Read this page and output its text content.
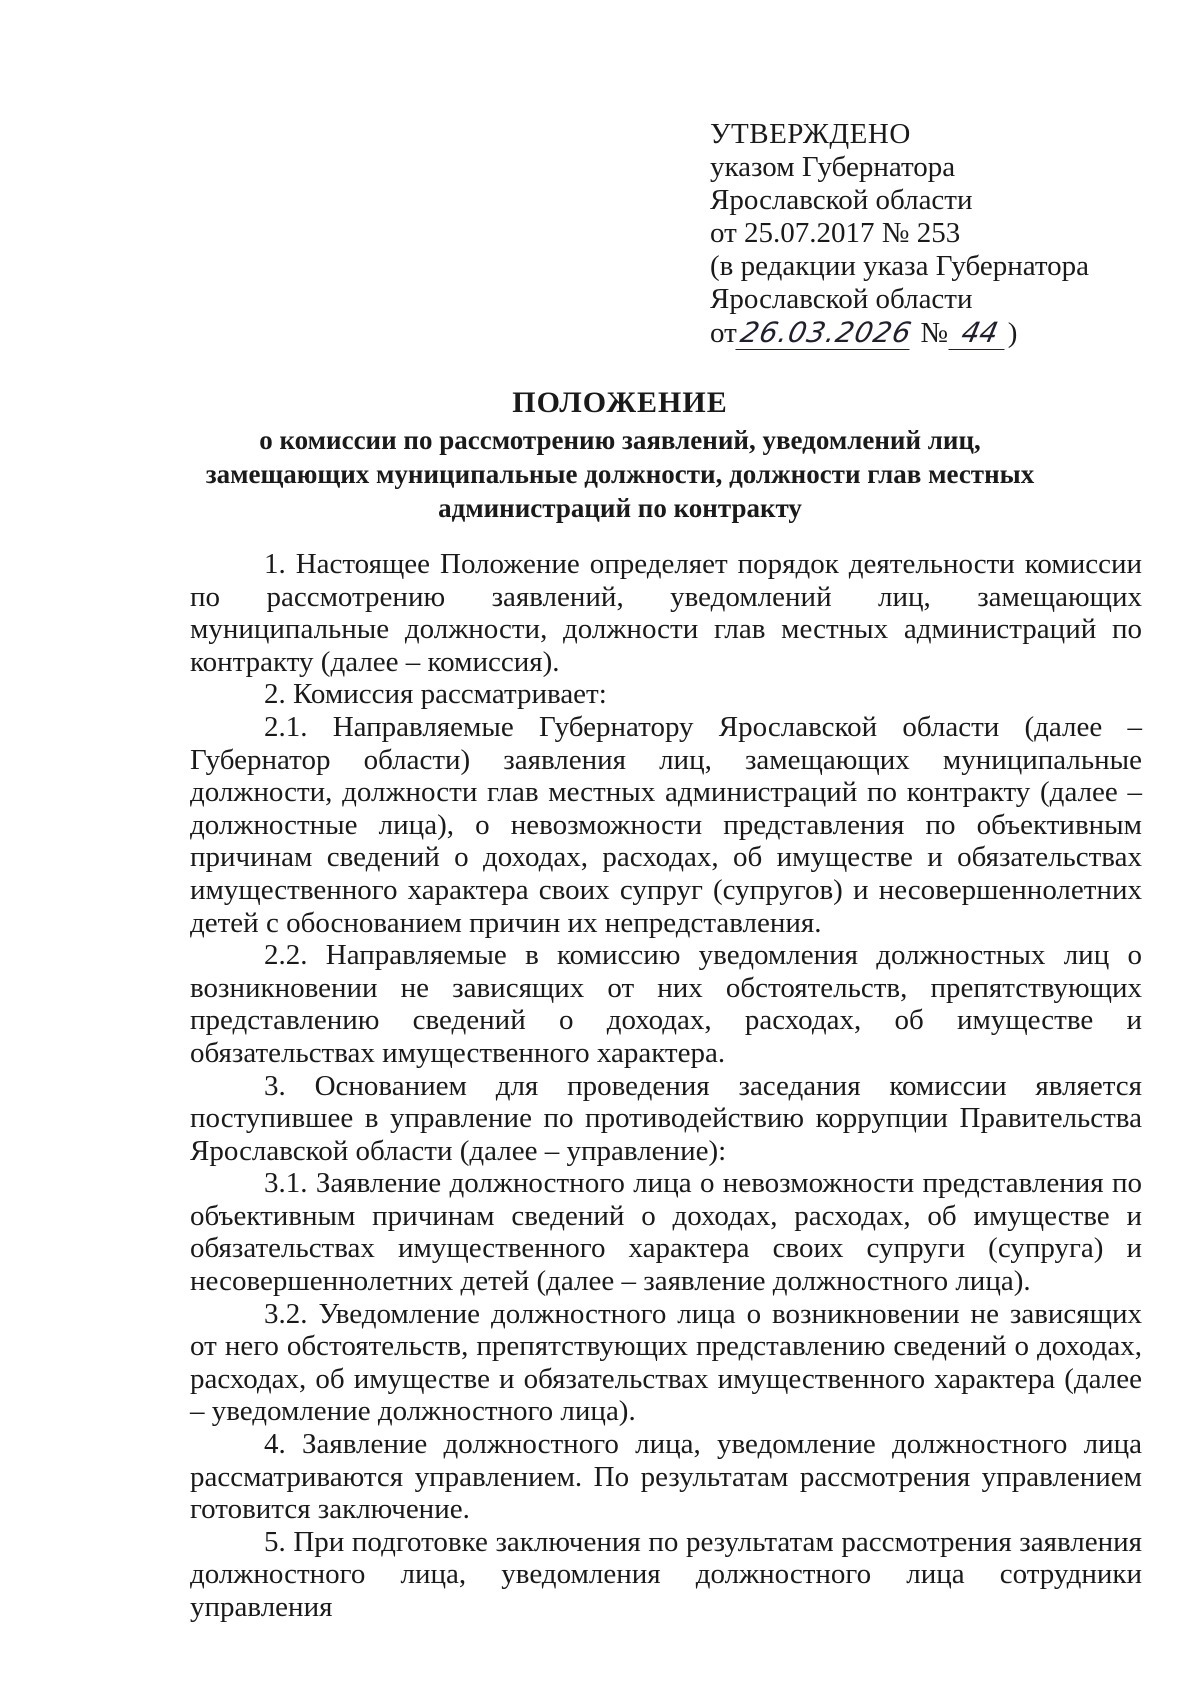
УТВЕРЖДЕНО
указом Губернатора
Ярославской области
от 25.07.2017 № 253
(в редакции указа Губернатора
Ярославской области
от26.03.2026 № 44 )
ПОЛОЖЕНИЕ
о комиссии по рассмотрению заявлений, уведомлений лиц,
замещающих муниципальные должности, должности глав местных
администраций по контракту

1. Настоящее Положение определяет порядок деятельности комиссии по рассмотрению заявлений, уведомлений лиц, замещающих муниципальные должности, должности глав местных администраций по контракту (далее – комиссия).

2. Комиссия рассматривает:

2.1. Направляемые Губернатору Ярославской области (далее – Губернатор области) заявления лиц, замещающих муниципальные должности, должности глав местных администраций по контракту (далее – должностные лица), о невозможности представления по объективным причинам сведений о доходах, расходах, об имуществе и обязательствах имущественного характера своих супруг (супругов) и несовершеннолетних детей с обоснованием причин их непредставления.

2.2. Направляемые в комиссию уведомления должностных лиц о возникновении не зависящих от них обстоятельств, препятствующих представлению сведений о доходах, расходах, об имуществе и обязательствах имущественного характера.

3. Основанием для проведения заседания комиссии является поступившее в управление по противодействию коррупции Правительства Ярославской области (далее – управление):

3.1. Заявление должностного лица о невозможности представления по объективным причинам сведений о доходах, расходах, об имуществе и обязательствах имущественного характера своих супруги (супруга) и несовершеннолетних детей (далее – заявление должностного лица).

3.2. Уведомление должностного лица о возникновении не зависящих от него обстоятельств, препятствующих представлению сведений о доходах, расходах, об имуществе и обязательствах имущественного характера (далее – уведомление должностного лица).

4. Заявление должностного лица, уведомление должностного лица рассматриваются управлением. По результатам рассмотрения управлением готовится заключение.

5. При подготовке заключения по результатам рассмотрения заявления должностного лица, уведомления должностного лица сотрудники управления
